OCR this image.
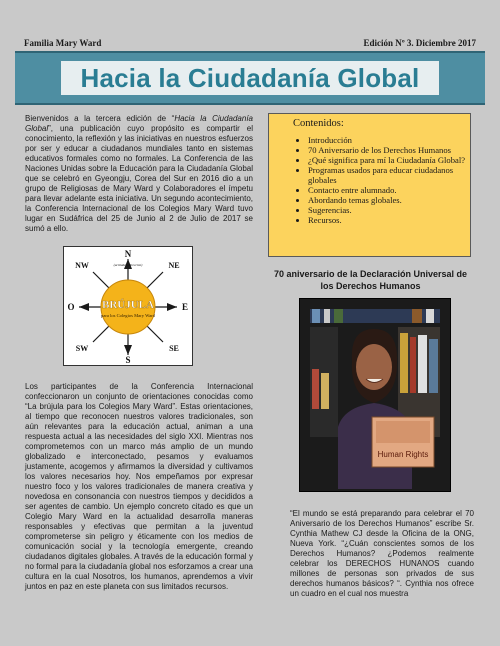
Familia Mary Ward	Edición Nº 3. Diciembre 2017
Hacia la Ciudadanía Global
Bienvenidos a la tercera edición de “Hacia la Ciudadanía Global”, una publicación cuyo propósito es compartir el conocimiento, la reflexión y las iniciativas en nuestros esfuerzos por ser y educar a ciudadanos mundiales tanto en sistemas educativos formales como no formales. La Conferencia de las Naciones Unidas sobre la Educación para la Ciudadanía Global que se celebró en Gyeongju, Corea del Sur en 2016 dio a un grupo de Religiosas de Mary Ward y Colaboradores el ímpetu para llevar adelante esta iniciativa. Un segundo acontecimiento, la Conferencia Internacional de los Colegios Mary Ward tuvo lugar en Sudáfrica del 25 de Junio al 2 de Julio de 2017 se sumó a ello.
BRÚJULA
para los Colegios Mary Ward
N
(actitudes, dirección)
S
E
O
NW	NE
SW	SE
Los participantes de la Conferencia Internacional confeccionaron un conjunto de orientaciones conocidas como “La brújula para los Colegios Mary Ward”. Estas orientaciones, al tiempo que reconocen nuestros valores tradicionales, son aún relevantes para la educación actual, animan a una respuesta actual a las necesidades del siglo XXI. Mientras nos comprometemos con un marco más amplio de un mundo globalizado e interconectado, pesamos y evaluamos justamente, acogemos y afirmamos la diversidad y cultivamos los valores necesarios hoy. Nos empeñamos por expresar nuestro foco y los valores tradicionales de manera creativa y novedosa en consonancia con nuestros tiempos y decididos a ser agentes de cambio. Un ejemplo concreto citado es que un Colegio Mary Ward en la actualidad desarrolla maneras responsables y efectivas que permitan a la juventud comprometerse sin peligro y éticamente con los medios de comunicación social y la tecnología emergente, creando ciudadanos digitales globales. A través de la educación formal y no formal para la ciudadanía global nos esforzamos a crear una cultura en la cual Nosotros, los humanos, aprendemos a vivir juntos en paz en este planeta con sus limitados recursos.
Contenidos:
• Introducción
• 70 Aniversario de los Derechos Humanos
• ¿Qué significa para mí la Ciudadanía Global?
• Programas usados para educar ciudadanos globales
• Contacto entre alumnado.
• Abordando temas globales.
• Sugerencias.
• Recursos.
70 aniversario de la Declaración Universal de los Derechos Humanos
Human Rights
“El mundo se está preparando para celebrar el 70 Aniversario de los Derechos Humanos” escribe Sr. Cynthia Mathew CJ desde la Oficina de la ONG, Nueva York. “¿Cuán conscientes somos de los Derechos Humanos? ¿Podemos realmente celebrar los DERECHOS HUNANOS cuando millones de personas son privados de sus derechos humanos básicos? “. Cynthia nos ofrece un cuadro en el cual nos muestra
